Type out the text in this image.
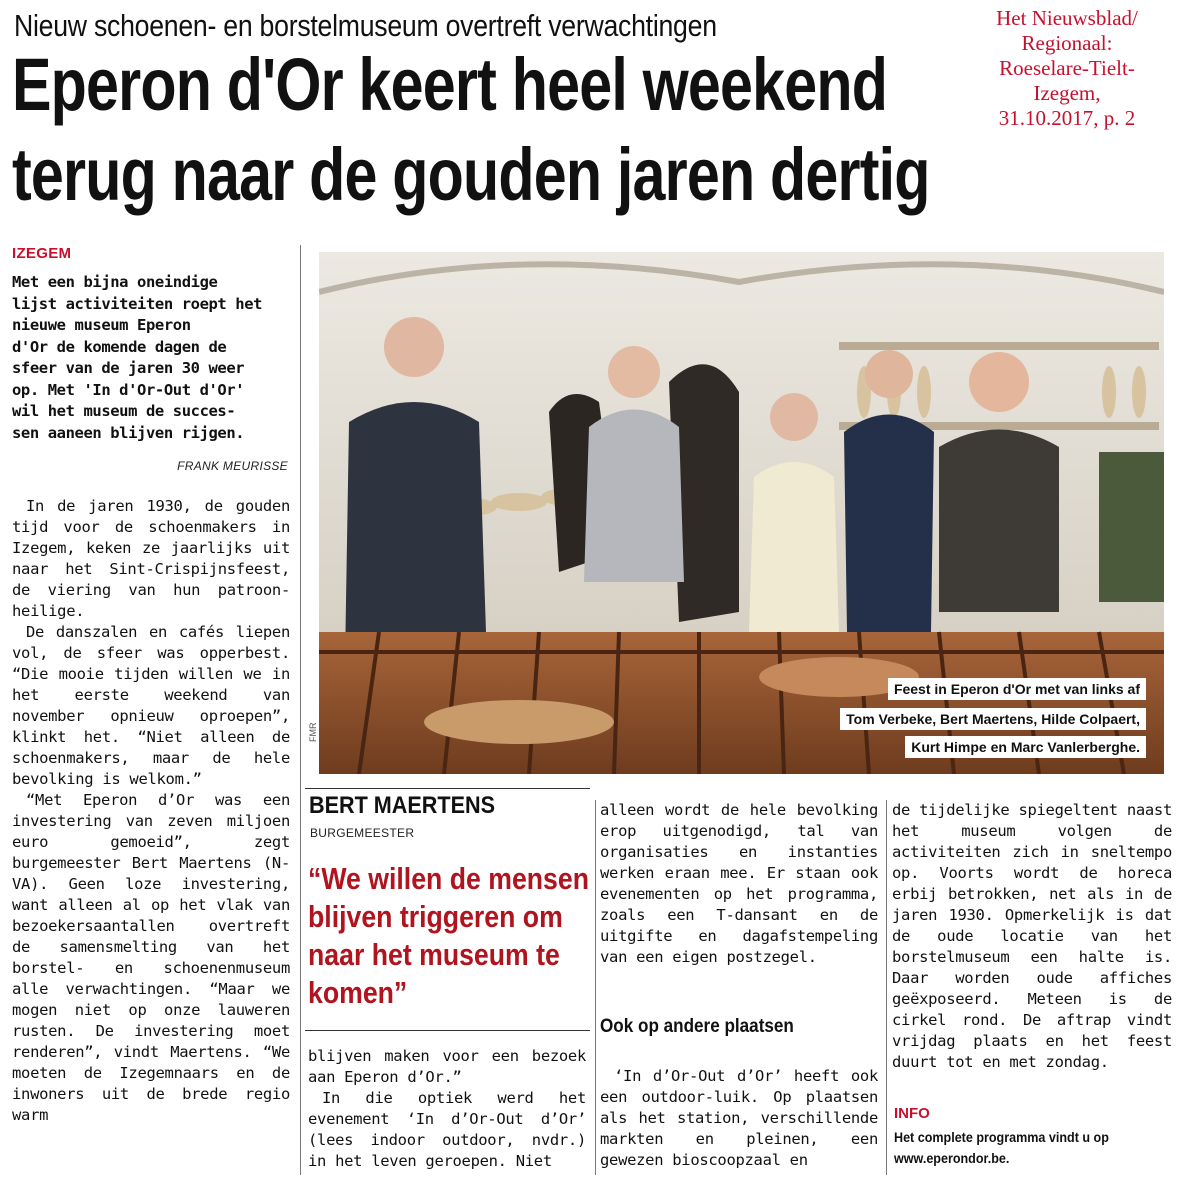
Nieuw schoenen- en borstelmuseum overtreft verwachtingen
Eperon d'Or keert heel weekend
terug naar de gouden jaren dertig
Het Nieuwsblad/
Regionaal:
Roeselare-Tielt-
Izegem,
31.10.2017, p. 2
IZEGEM
Met een bijna oneindige
lijst activiteiten roept het
nieuwe museum Eperon
d'Or de komende dagen de
sfeer van de jaren 30 weer
op. Met 'In d'Or-Out d'Or'
wil het museum de succes-
sen aaneen blijven rijgen.
FRANK MEURISSE

In de jaren 1930, de gouden tijd voor de schoenmakers in Izegem, keken ze jaarlijks uit naar het Sint-Crispijnsfeest, de viering van hun patroon-heilige.

De danszalen en cafés liepen vol, de sfeer was opperbest. “Die mooie tijden willen we in het eerste weekend van november opnieuw oproepen”, klinkt het. “Niet alleen de schoenmakers, maar de hele bevolking is welkom.”

“Met Eperon d’Or was een investering van zeven miljoen euro gemoeid”, zegt burgemeester Bert Maertens (N-VA). Geen loze investering, want alleen al op het vlak van bezoekersaantallen overtreft de samensmelting van het borstel- en schoenenmuseum alle verwachtingen. “Maar we mogen niet op onze lauweren rusten. De investering moet renderen”, vindt Maertens. “We moeten de Izegemnaars en de inwoners uit de brede regio warm

Feest in Eperon d'Or met van links af
Tom Verbeke, Bert Maertens, Hilde Colpaert,
Kurt Himpe en Marc Vanlerberghe.
FMR
BERT MAERTENS
BURGEMEESTER
“We willen de mensen blijven triggeren om naar het museum te komen”

blijven maken voor een bezoek aan Eperon d’Or.”

In die optiek werd het evenement ‘In d’Or-Out d’Or’ (lees indoor outdoor, nvdr.) in het leven geroepen. Niet

alleen wordt de hele bevolking erop uitgenodigd, tal van organisaties en instanties werken eraan mee. Er staan ook evenementen op het programma, zoals een T-dansant en de uitgifte en dagafstempeling van een eigen postzegel.

Ook op andere plaatsen

‘In d’Or-Out d’Or’ heeft ook een outdoor-luik. Op plaatsen als het station, verschillende markten en pleinen, een gewezen bioscoopzaal en

de tijdelijke spiegeltent naast het museum volgen de activiteiten zich in sneltempo op. Voorts wordt de horeca erbij betrokken, net als in de jaren 1930. Opmerkelijk is dat de oude locatie van het borstelmuseum een halte is. Daar worden oude affiches geëxposeerd. Meteen is de cirkel rond. De aftrap vindt vrijdag plaats en het feest duurt tot en met zondag.

INFO
Het complete programma vindt u op www.eperondor.be.
